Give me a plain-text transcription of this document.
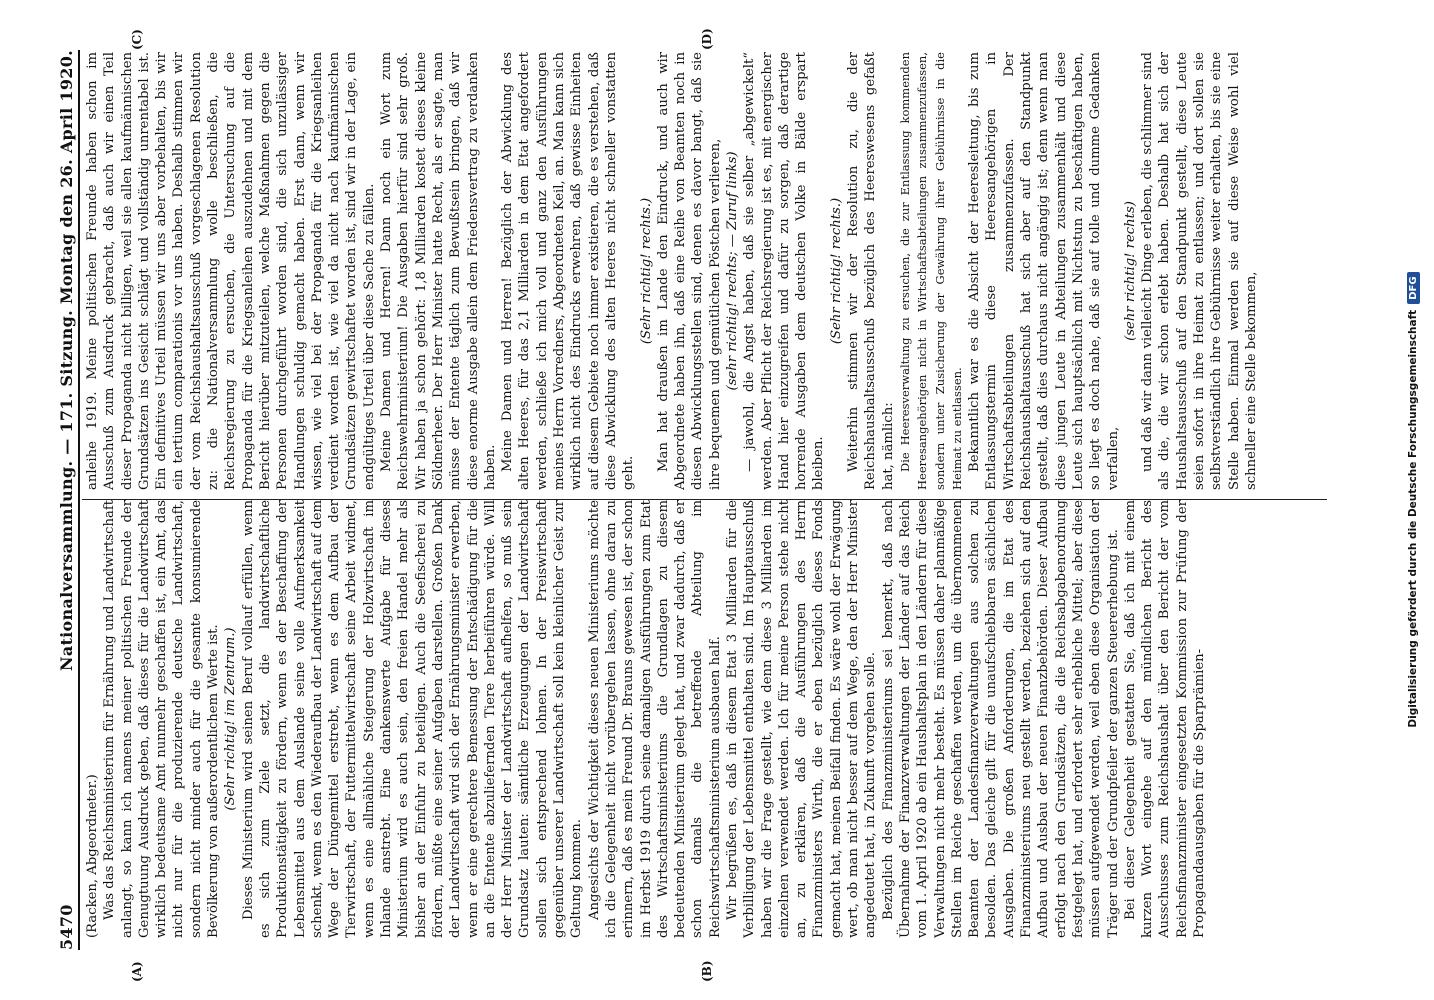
5470
Nationalversammlung. — 171. Sitzung. Montag den 26. April 1920.
(A)	(B)
(C)	(D)

(Racken, Abgeordneter.) Was das Reichsministerium für Ernährung und Landwirtschaft anlangt, so kann ich namens meiner politischen Freunde der Genugtuung Ausdruck geben, daß dieses für die Landwirtschaft wirklich bedeutsame Amt nunmehr geschaffen ist, ein Amt, das nicht nur für die produzierende deutsche Landwirtschaft, sondern nicht minder auch für die gesamte konsumierende Bevölkerung von außerordentlichem Werte ist. (Sehr richtig! im Zentrum.) Dieses Ministerium wird seinen Beruf vollauf erfüllen, wenn es sich zum Ziele setzt, die landwirtschaftliche Produktionstätigkeit zu fördern, wenn es der Beschaffung der Lebensmittel aus dem Auslande seine volle Aufmerksamkeit schenkt, wenn es den Wiederaufbau der Landwirtschaft auf dem Wege der Düngemittel erstrebt, wenn es dem Aufbau der Tierwirtschaft, der Futtermittelwirtschaft seine Arbeit widmet, wenn es eine allmähliche Steigerung der Holzwirtschaft im Inlande anstrebt. Eine dankenswerte Aufgabe für dieses Ministerium wird es auch sein, den freien Handel mehr als bisher an der Einfuhr zu beteiligen. Auch die Seefischerei zu fördern, müßte eine seiner Aufgaben darstellen. Großen Dank der Landwirtschaft wird sich der Ernährungsminister erwerben, wenn er eine gerechtere Bemessung der Entschädigung für die an die Entente abzuliefernden Tiere herbeiführen würde. Will der Herr Minister der Landwirtschaft aufhelfen, so muß sein Grundsatz lauten: sämtliche Erzeugungen der Landwirtschaft sollen sich entsprechend lohnen. In der Preiswirtschaft gegenüber unserer Landwirtschaft soll kein kleinlicher Geist zur Geltung kommen. Angesichts der Wichtigkeit dieses neuen Ministeriums möchte ich die Gelegenheit nicht vorübergehen lassen, ohne daran zu erinnern, daß es mein Freund Dr. Brauns gewesen ist, der schon im Herbst 1919 durch seine damaligen Ausführungen zum Etat des Wirtschaftsministeriums die Grundlagen zu diesem bedeutenden Ministerium gelegt hat, und zwar dadurch, daß er schon damals die betreffende Abteilung im Reichswirtschaftsministerium ausbauen half. Wir begrüßen es, daß in diesem Etat 3 Milliarden für die Verbilligung der Lebensmittel enthalten sind. Im Hauptausschuß haben wir die Frage gestellt, wie denn diese 3 Milliarden im einzelnen verwendet werden. Ich für meine Person stehe nicht an, zu erklären, daß die Ausführungen des Herrn Finanzministers Wirth, die er eben bezüglich dieses Fonds gemacht hat, meinen Beifall finden. Es wäre wohl der Erwägung wert, ob man nicht besser auf dem Wege, den der Herr Minister angedeutet hat, in Zukunft vorgehen solle. Bezüglich des Finanzministeriums sei bemerkt, daß nach Übernahme der Finanzverwaltungen der Länder auf das Reich vom 1. April 1920 ab ein Haushaltsplan in den Ländern für diese Verwaltungen nicht mehr besteht. Es müssen daher planmäßige Stellen im Reiche geschaffen werden, um die übernommenen Beamten der Landesfinanzverwaltungen aus solchen zu besolden. Das gleiche gilt für die unaufschiebbaren sächlichen Ausgaben. Die großen Anforderungen, die im Etat des Finanzministeriums neu gestellt werden, beziehen sich auf den Aufbau und Ausbau der neuen Finanzbehörden. Dieser Aufbau erfolgt nach den Grundsätzen, die die Reichsabgabenordnung festgelegt hat, und erfordert sehr erhebliche Mittel; aber diese müssen aufgewendet werden, weil eben diese Organisation der Träger und der Grundpfeiler der ganzen Steuererhebung ist. Bei dieser Gelegenheit gestatten Sie, daß ich mit einem kurzen Wort eingehe auf den mündlichen Bericht des Ausschusses zum Reichshaushalt über den Bericht der vom Reichsfinanzminister eingesetzten Kommission zur Prüfung der Propagandaausgaben für die Sparprämien-

anleihe 1919. Meine politischen Freunde haben schon im Ausschuß zum Ausdruck gebracht, daß auch wir einen Teil dieser Propaganda nicht billigen, weil sie allen kaufmännischen Grundsätzen ins Gesicht schlägt und vollständig unrentabel ist. Ein definitives Urteil müssen wir uns aber vorbehalten, bis wir ein tertium comparationis vor uns haben. Deshalb stimmen wir der vom Reichshaushaltsausschuß vorgeschlagenen Resolution zu: die Nationalversammlung wolle beschließen, die Reichsregierung zu ersuchen, die Untersuchung auf die Propaganda für die Kriegsanleihen auszudehnen und mit dem Bericht hierüber mitzuteilen, welche Maßnahmen gegen die Personen durchgeführt worden sind, die sich unzulässiger Handlungen schuldig gemacht haben. Erst dann, wenn wir wissen, wie viel bei der Propaganda für die Kriegsanleihen verdient worden ist, wie viel da nicht nach kaufmännischen Grundsätzen gewirtschaftet worden ist, sind wir in der Lage, ein endgültiges Urteil über diese Sache zu fällen. Meine Damen und Herren! Dann noch ein Wort zum Reichswehrministerium! Die Ausgaben hierfür sind sehr groß. Wir haben ja schon gehört: 1,8 Milliarden kostet dieses kleine Söldnerheer. Der Herr Minister hatte Recht, als er sagte, man müsse der Entente täglich zum Bewußtsein bringen, daß wir diese enorme Ausgabe allein dem Friedensvertrag zu verdanken haben. Meine Damen und Herren! Bezüglich der Abwicklung des alten Heeres, für das 2,1 Milliarden in dem Etat angefordert werden, schließe ich mich voll und ganz den Ausführungen meines Herrn Vorredners, Abgeordneten Keil, an. Man kann sich wirklich nicht des Eindrucks erwehren, daß gewisse Einheiten auf diesem Gebiete noch immer existieren, die es verstehen, daß diese Abwicklung des alten Heeres nicht schneller vonstatten geht.

(Sehr richtig! rechts.) Man hat draußen im Lande den Eindruck, und auch wir Abgeordnete haben ihn, daß eine Reihe von Beamten noch in diesen Abwicklungsstellen sind, denen es davor bangt, daß sie ihre bequemen und gemütlichen Pöstchen verlieren, (sehr richtig! rechts; — Zuruf links) — jawohl, die Angst haben, daß sie selber „abgewickelt“ werden. Aber Pflicht der Reichsregierung ist es, mit energischer Hand hier einzugreifen und dafür zu sorgen, daß derartige horrende Ausgaben dem deutschen Volke in Bälde erspart bleiben.

(Sehr richtig! rechts.) Weiterhin stimmen wir der Resolution zu, die der Reichshaushaltsausschuß bezüglich des Heereswesens gefaßt hat, nämlich: Die Heeresverwaltung zu ersuchen, die zur Entlassung kommenden Heeresangehörigen nicht in Wirtschaftsabteilungen zusammenzufassen, sondern unter Zusicherung der Gewährung ihrer Gebührnisse in die Heimat zu entlassen. Bekanntlich war es die Absicht der Heeresleitung, bis zum Entlassungstermin diese Heeresangehörigen in Wirtschaftsabteilungen zusammenzufassen. Der Reichshaushaltausschuß hat sich aber auf den Standpunkt gestellt, daß dies durchaus nicht angängig ist; denn wenn man diese jungen Leute in Abteilungen zusammenhält und diese Leute sich hauptsächlich mit Nichtstun zu beschäftigen haben, so liegt es doch nahe, daß sie auf tolle und dumme Gedanken verfallen,

(sehr richtig! rechts) und daß wir dann vielleicht Dinge erleben, die schlimmer sind als die, die wir schon erlebt haben. Deshalb hat sich der Haushaltsausschuß auf den Standpunkt gestellt, diese Leute seien sofort in ihre Heimat zu entlassen; und dort sollen sie selbstverständlich ihre Gebührnisse weiter erhalten, bis sie eine Stelle haben. Einmal werden sie auf diese Weise wohl viel schneller eine Stelle bekommen,	Digitalisierung gefördert durch die Deutsche Forschungsgemeinschaft
DFG
